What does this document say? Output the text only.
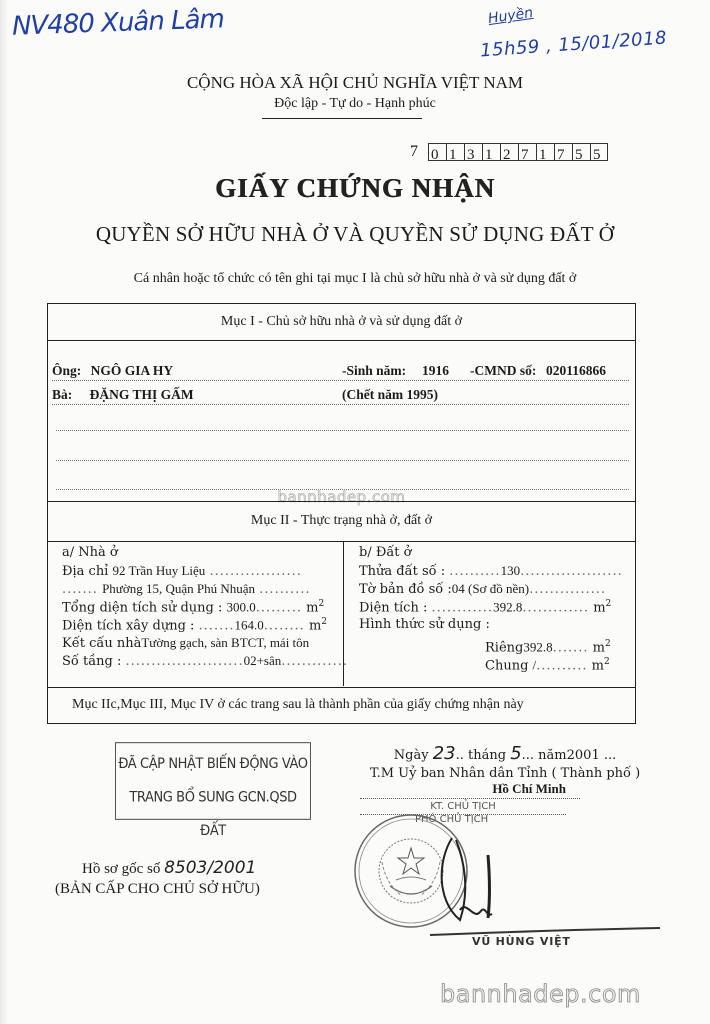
NV480 Xuân Lâm	Huyền
15h59 , 15/01/2018
CỘNG HÒA XÃ HỘI CHỦ NGHĨA VIỆT NAM
Độc lập - Tự do - Hạnh phúc
7 0 1 3 1 2 7 1 7 5 5
GIẤY CHỨNG NHẬN
QUYỀN SỞ HỮU NHÀ Ở VÀ QUYỀN SỬ DỤNG ĐẤT Ở
Cá nhân hoặc tổ chức có tên ghi tại mục I là chủ sở hữu nhà ở và sử dụng đất ở
Mục I - Chủ sở hữu nhà ở và sử dụng đất ở
Ông: NGÔ GIA HY	-Sinh năm: 1916 -CMND số: 020116866
Bà: ĐẶNG THỊ GẤM	(Chết năm 1995)
bannhadep.com
Mục II - Thực trạng nhà ở, đất ở
a/ Nhà ở
Địa chỉ 92 Trần Huy Liệu ..................
....... Phường 15, Quận Phú Nhuận ..........
Tổng diện tích sử dụng : 300.0......... $m^2$
Diện tích xây dựng : .......164.0........ $m^2$
Kết cấu nhàTường gạch, sàn BTCT, mái tôn
Số tầng : .......................02+sân.............
b/ Đất ở
Thửa đất số : ..........130....................
Tờ bản đồ số :04 (Sơ đồ nền)...............
Diện tích : ............392.8............. $m^2$
Hình thức sử dụng :
Riêng392.8....... $m^2$
Chung /.......... $m^2$
Mục IIc,Mục III, Mục IV ở các trang sau là thành phần của giấy chứng nhận này
ĐÃ CẬP NHẬT BIẾN ĐỘNG VÀO
TRANG BỔ SUNG GCN.QSD ĐẤT
Ngày 23.. tháng 5... năm2001 ...
T.M Uỷ ban Nhân dân Tỉnh ( Thành phố )
Hồ Chí Minh
KT. CHỦ TỊCH
PHÓ CHỦ TỊCH
VŨ HÙNG VIỆT
Hồ sơ gốc số 8503/2001
(BẢN CẤP CHO CHỦ SỞ HỮU)
bannhadep.com
